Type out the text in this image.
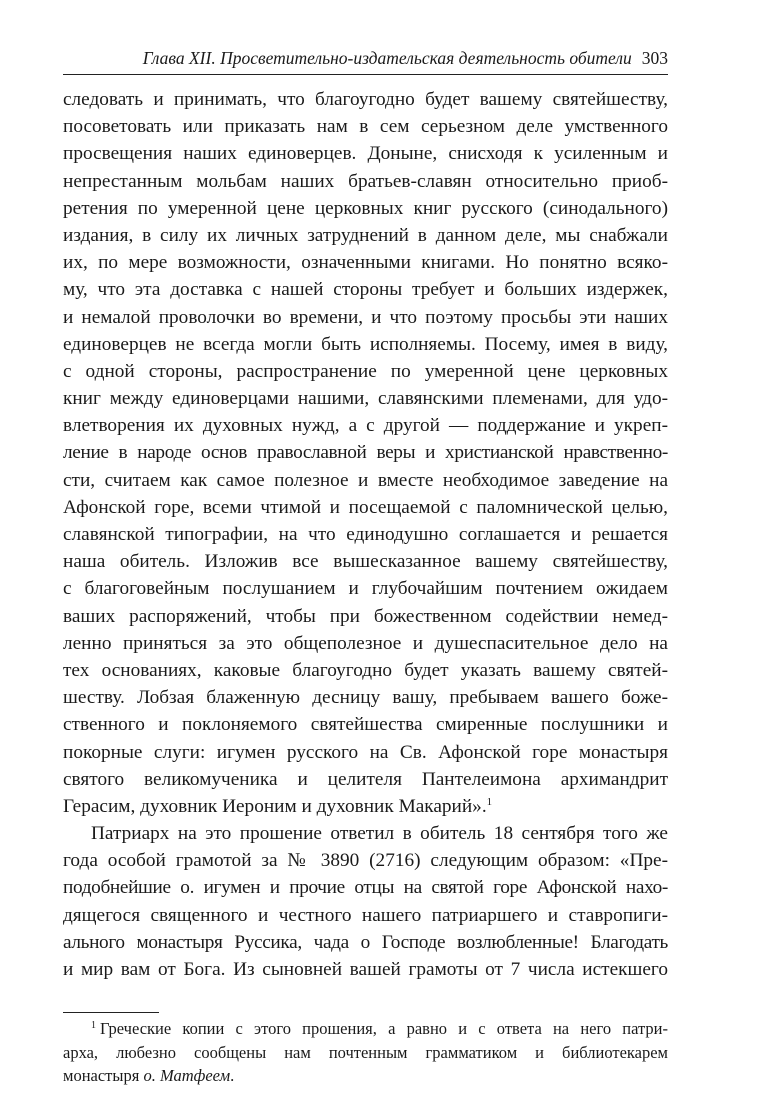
Глава XII. Просветительно-издательская деятельность обители 303
следовать и принимать, что благоугодно будет вашему святейшеству,
посоветовать или приказать нам в сем серьезном деле умственного
просвещения наших единоверцев. Доныне, снисходя к усиленным и
непрестанным мольбам наших братьев-славян относительно приоб-
ретения по умеренной цене церковных книг русского (синодального)
издания, в силу их личных затруднений в данном деле, мы снабжали
их, по мере возможности, означенными книгами. Но понятно всяко-
му, что эта доставка с нашей стороны требует и больших издержек,
и немалой проволочки во времени, и что поэтому просьбы эти наших
единоверцев не всегда могли быть исполняемы. Посему, имея в виду,
с одной стороны, распространение по умеренной цене церковных
книг между единоверцами нашими, славянскими племенами, для удо-
влетворения их духовных нужд, а с другой — поддержание и укреп-
ление в народе основ православной веры и христианской нравственно-
сти, считаем как самое полезное и вместе необходимое заведение на
Афонской горе, всеми чтимой и посещаемой с паломнической целью,
славянской типографии, на что единодушно соглашается и решается
наша обитель. Изложив все вышесказанное вашему святейшеству,
с благоговейным послушанием и глубочайшим почтением ожидаем
ваших распоряжений, чтобы при божественном содействии немед-
ленно приняться за это общеполезное и душеспасительное дело на
тех основаниях, каковые благоугодно будет указать вашему святей-
шеству. Лобзая блаженную десницу вашу, пребываем вашего боже-
ственного и поклоняемого святейшества смиренные послушники и
покорные слуги: игумен русского на Св. Афонской горе монастыря
святого великомученика и целителя Пантелеимона архимандрит
Герасим, духовник Иероним и духовник Макарий».$^1$
Патриарх на это прошение ответил в обитель 18 сентября того же
года особой грамотой за № 3890 (2716) следующим образом: «Пре-
подобнейшие о. игумен и прочие отцы на святой горе Афонской нахо-
дящегося священного и честного нашего патриаршего и ставропиги-
ального монастыря Руссика, чада о Господе возлюбленные! Благодать
и мир вам от Бога. Из сыновней вашей грамоты от 7 числа истекшего
$^1$ Греческие копии с этого прошения, а равно и с ответа на него патри-
арха, любезно сообщены нам почтенным грамматиком и библиотекарем
монастыря о. Матфеем.
